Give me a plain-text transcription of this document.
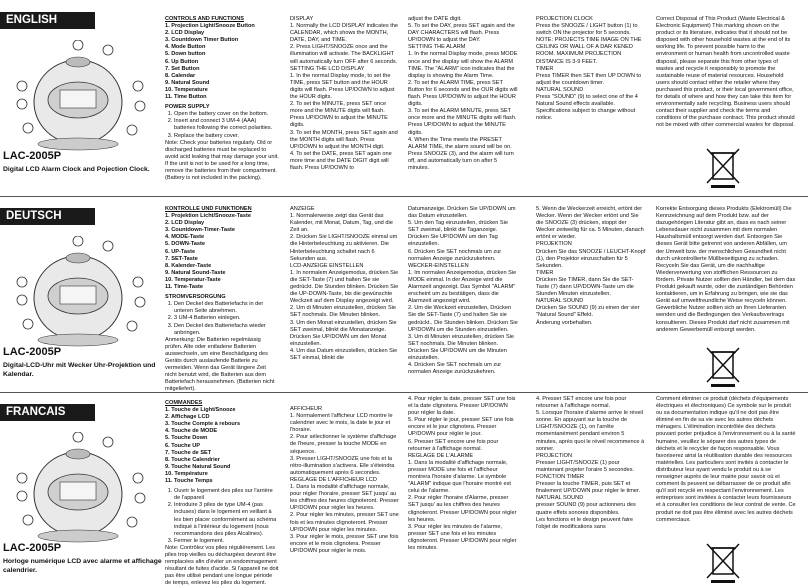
ENGLISH
LAC-2005P
Digital LCD Alarm Clock and Pojection Clock.
CONTROLS AND FUNCTIONS
1. Projection Light/Snooze Button
2. LCD Display
3. Countdown Timer Button
4. Mode Button
5. Down button
6. Up Button
7. Set Button
8. Calendar
9. Natural Sound
10. Temperature
11. Time Button
POWER SUPPLY
1. Open the battery cover on the bottom.
2. Insert and connect 3 UM-4 (AAA) batteries following the correct polarities.
3. Replace the battery cover.
Note: Check your batteries regularly. Old or discharged batteries must be replaced to avoid acid leaking that may damage your unit. If the unit is not to be used for a long time, remove the batteries from their compartment. (Battery is not included in the packing).
DISPLAY
1. Normally the LCD DISPLAY indicates the CALENDAR, which shows the MONTH, DATE, DAY, and TIME.
2. Press LIGHT/SNOOZE once and the illumination will activate. The BACKLIGHT will automatically turn OFF after 6 seconds.
SETTING THE LCD DISPLAY
1. In the normal Display mode, to set the TIME, press SET button and the HOUR digits will flash. Press UP/DOWN to adjust the HOUR digits.
2. To set the MINUTE, press SET once more and the MINUTE digits will flash. Press UP/DOWN to adjust the MINUTE digits.
3. To set the MONTH, press SET again and the MONTH digits will flash. Press UP/DOWN to adjust the MONTH digit.
4. To set the DATE, press SET again one more time and the DATE DIGIT digit will flash. Press UP/DOWN to
adjust the DATE digit.
5. To set the DAY, press SET again and the DAY CHARACTERS will flash. Press UP/DOWN to adjust the DAY.
SETTING THE ALARM
1. In the normal Display mode, press MODE once and the display will show the ALARM TIME. The "ALARM" icon indicates that the display is showing the Alarm Time.
2. To set the ALARM TIME, press SET Button for 6 seconds and the OUR digits will flash. Press UP/DOWN to adjust the HOUR digits.
3. To set the ALARM MINUTE, press SET once more and the MINUTE digits will flash. Press UP/DOWN to adjust the MINUTE digits.
4. When the Time meets the PRESET ALARM TIME, the alarm sound will be on. Press SNOOZE (3), and the alarm will turn off, and automatically turn on after 5 minutes.
PROJECTION CLOCK
Press the SNOOZE / LIGHT button (1) to switch ON the projector for 5 seconds.
NOTE: PROJECTS TIME IMAGE ON THE CEILING OR WALL OF A DAR KENED ROOM. MAXIMUM PROJECTION DISTANCE IS 3-9 FEET.
TIMER
Press TIMER then SET then UP DOWN to adjust the countdown timer.
NATURAL SOUND
Press "SOUND" (9) to select one of the 4 Natural Sound effects available.
Specifications subject to change without notice.
Correct Disposal of This Product (Waste Electrical & Electronic Equipment) This marking shown on the product or its literature, indicates that it should not be disposed with other household wastes at the end of its working life. To prevent possible harm to the environment or human health from uncontrolled waste disposal, please separate this from other types of wastes and recycle it responsibly to promote the sustainable reuse of material resources. Household users should contact either the retailer where they purchased this product, or their local government office, for details of where and how they can take this item for environmentally safe recycling. Business users should contact their supplier and check the terms and conditions of the purchase contract. This product should not be mixed with other commercial wastes for disposal.
DEUTSCH
LAC-2005P
Digital-LCD-Uhr mit Wecker Uhr-Projektion und Kalendar.
KONTROLLE UND FUNKTIONEN
1. Projektion Licht/Snooze-Taste
2. LCD Display
3. Countdown-Timer-Taste
4. MODE-Taste
5. DOWN-Taste
6. UP-Taste
7. SET-Taste
8. Kalender-Taste
9. Natural Sound-Taste
10. Temperatur-Taste
11. Time-Taste
STROMVERSORGUNG
1. Den Deckel des Batteriefachs in der unteren Seite abnehmen.
2. 3 UM-4 Batterien einlegen.
3. Den Deckel des Batteriefachs wieder anbringen.
Anmerkung: Die Batterien regelmässig prüfen. Alte oder entladene Batterien auswechseln, um eine Beschädigung des Geräts durch auslaufende Batterie zu vermeiden. Wenn das Gerät längere Zeit nicht benutzt wird, die Batterien aus dem Batteriefach herausnehmen. (Batterien nicht mitgeliefert).
ANZEIGE
1. Normalerweise zeigt das Gerät das Kalender, mit Monat, Datum, Tag, und die Zeit an.
2. Drücken Sie LIGHT/SNOOZE einmal um die Hinterbeleuchtung zu aktivieren. Die Hinterbeleuchtung schaltet nach 6 Sekunden aus.
LCD-ANZEIGE EINSTELLEN
1. In normalem Anzeigemodus, drücken Sie die SET-Taste (7) und halten Sie sie gedrückt. Die Stunden blinken. Drücken Sie die UP-DOWN-Taste, bis die gewünschte Weckzeit auf dem Display angezeigt wird.
2. Um di Minuten einzustellen, drücken Sie SET nochmals. Die Minuten blinken.
3. Um den Monat einzustellen, drücken Sie SET zweimal, blinkt die Monatanzeige. Drücken Sie UP/DOWN um den Monat einzustellen.
4. Um das Datum einzustellen, drücken Sie SET einmal, blinkt die
Datumanzeige. Drücken Sie UP/DOWN um das Datum einzustellen.
5. Um den Tag einzustellen, drücken Sie SET zweimal, blinkt die Taganzeige. Drücken Sie UP/DOWN um den Tag einzustellen.
6. Drücken Sie SET nochmals um zur normalen Anzeige zurückzukehren.
WECKER-EINSTELLEN
1. Im normalen Anzeigemodus, drücken Sie MODE einmal. In der Anzeige wird die Alarmzeit angezeigt. Das Symbol "ALARM" erscheint um zu bestätigen, dass die Alarmzeit angezeigt wird.
2. Um die Weckzeit einzustellen, Drücken Sie die SET-Taste (7) und halten Sie sie gedrückt.. Die Stunden blinken. Drücken Sie UP/DOWN um die Stunden einzustellen.
3. Um di Minuten einzustellen, drücken Sie SET nochmals. Die Minuten blinken. Drücken Sie UP/DOWN um die Minuten einzustellen.
4. Drücken Sie SET nochmals um zur normalen Anzeige zurückzukehren.
5. Wenn die Weckerzeit erreicht, ertönt der Wecker. Wenn der Wecker ertönt und Sie die SNOOZE (3) drücken, stoppt der Wecker zeitweilig für ca. 5 Minuten, danach ertönt er wieder.
PROJEKTION
Drücken Sie das SNOOZE / LEUCHT-Knopf (1), den Projektor einzuschalten für 5 Sekunden.
TIMER
Drücken Sie TIMER, dann Sie die SET-Taste (7) dann UP/DOWN-Taste um die Stunden Minuten einzustellen.
NATURAL SOUND
Drücken Sie SOUND (9) zu einen der vier "Natural Sound" Effekt.
Änderung vorbehalten.
Korrekte Entsorgung dieses Produkts (Elektromüll) Die Kennzeichnung auf dem Produkt bzw. auf der dazugehörigen Literatur gibt an, dass es nach seiner Lebensdauer nicht zusammen mit dem normalen Haushaltsmüll entsorgt werden darf. Entsorgen Sie dieses Gerät bitte getrennt von anderen Abfällen, um der Umwelt bzw. der menschlichen Gesundheit nicht durch unkontrollierte Müllbeseitigung zu schaden. Recyceln Sie das Gerät, um die nachhaltige Wiederverwertung von stofflichen Ressourcen zu fördern. Private Nutzer sollten den Händler, bei dem das Produkt gekauft wurde, oder die zuständigen Behörden kontaktieren, um in Erfahrung zu bringen, wie sie das Gerät auf umweltfreundliche Weise recyceln können. Gewerbliche Nutzer sollten sich an Ihren Lieferanten wenden und die Bedingungen des Verkaufsvertrags konsultieren. Dieses Produkt darf nicht zusammen mit anderem Gewerbemüll entsorgt werden.
FRANCAIS
LAC-2005P
Horloge numérique LCD avec alarme et affichage calendrier.
COMMANDES
1. Touche de Light/Snooze
2. Affichage LCD
3. Touche Compte à rebours
4. Touche de MODE
5. Touche Down
6. Touche UP
7. Touche de SET
8. Touche Calendrier
9. Touche Natural Sound
10. Température
11. Touche Temps
1. Ouvrir le logement des piles sur l'arrière de l'appareil
2. Introduire 3 piles de type UM-4 (pas incluses) dans le logement en veillant à les bien placer conformément au schéma indiqué à l'intérieur du logement (nous recommandons des piles Alcalines).
3. Fermer le logement.
Note: Contrôlez vos piles régulièrement. Les piles trop vieilles ou déchargées devront être remplacées afin d'éviter un endommagement résultant de fuites d'acide. Si l'appareil ne doit pas être utilisé pendant une longue période de temps, enlevez les piles du logement.
AFFICHEUR
1. Normalement l'afficheur LCD montre le calendrier avec le mois, la date le jour et l'horaire.
2. Pour sélectionner le système d'affichage de l'heure, presser la touche MODE en séquence.
3. Presser LIGHT/SNOOZE une fois et la rétro-illumination s'activera. Elle s'éteindra automatiquement après 6 secondes.
REGLAGE DE L'AFFICHEUR LCD
1. Dans la modalité d'affichage normale, pour régler l'horaire, presser SET jusqu' au les chiffres des heures clignoteront. Presser UP/DOWN pour régler les heures.
2. Pour régler les minutes, presser SET une fois et les minutes clignoteront. Presser UP/DOWN pour régler les minutes.
3. Pour régler le mois, presser SET une fois encore et le mois clignotera. Presser UP/DOWN pour régler le mois.
4. Pour régler la date, presser SET une fois et la date clignotera. Presser UP/DOWN pour régler la date.
5. Pour régler le jour, presser SET une fois encore et le jour clignotera. Presser UP/DOWN pour régler le jour.
6. Presser SET encore une fois pour retourner à l'affichage normal.
REGLAGE DE L'ALARME
1. Dans la modalité d'affichage normale, presser MODE une fois et l'afficheur montrera l'horaire d'alarme. Le symbole "ALARM" indique que l'horaire montré est celui de l'alarme.
2. Pour régler l'horaire d'Alarme, presser SET jusqu' au les chiffres des heures clignoteront. Presser UP/DOWN pour régler les heures.
3. Pour régler les minutes de l'alarme, presser SET une fois et les minutes clignoteront. Presser UP/DOWN pour régler les minutes.
4. Presser SET encore une fois pour retourner à l'affichage normal.
5. Lorsque l'horaire d'alarme arrive le réveil sonne. En appuyant sur la touche de LIGHT/SNOOZE (1), on l'arrête momentanément pendant environ 5 minutes, après quoi le réveil recommence à sonner.
PROJECTION
Presser LIGHT/SNOOZE (1) pour maintenant projeter l'oraire 5 secondes.
FONCTION TIMER
Presser la touche TIMER, puis SET et finalement UP/DOWN pour régler le timer.
NATURAL SOUND
presser SOUND (9) pour actionneru des quatre effets sonores disponibles.
Les fonctions et le design peuvent faire l'objet de modifications sans
Comment éliminer ce produit (déchets d'équipements électriques et électroniques) Ce symbole sur le produit ou sa documentation indique qu'il ne doit pas être éliminé en fin de sa vie avec les autres déchets ménagers. L'élimination incontrôlée des déchets pouvant porter préjudice à l'environnement ou à la santé humaine, veuillez le séparer des autres types de déchets et le recycler de façon responsable. Vous favoriserez ainsi la réutilisation durable des ressources matérielles. Les particuliers sont invités à contacter le distributeur leur ayant vendu le produit ou à se renseigner auprès de leur mairie pour savoir où et comment ils peuvent se débarrasser de ce produit afin qu'il soit recyclé en respectant l'environnement. Les entreprises sont invitées à contacter leurs fournisseurs et à consulter les conditions de leur contrat de vente. Ce produit ne doit pas être éliminé avec les autres déchets commerciaux.
